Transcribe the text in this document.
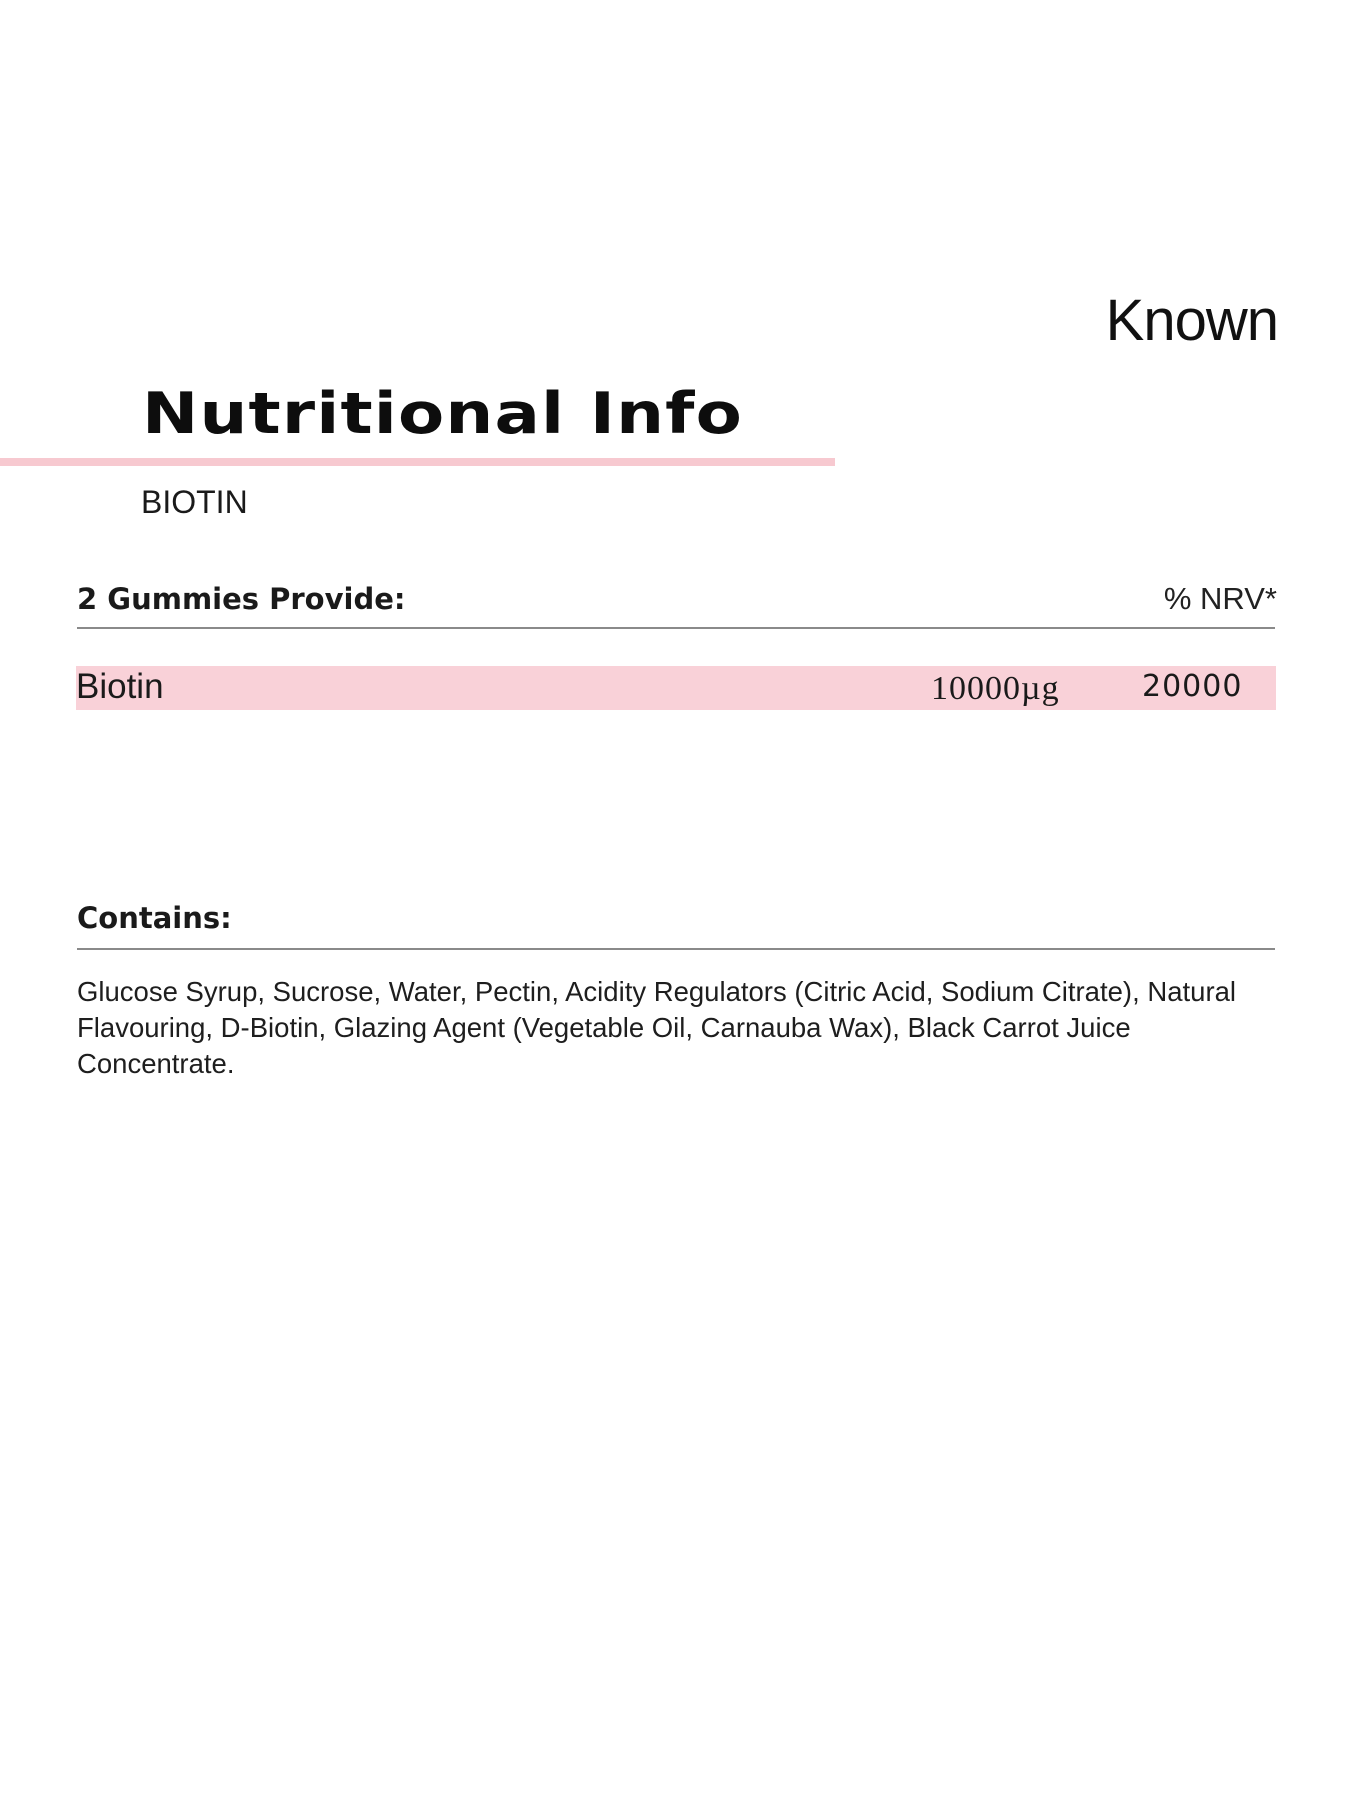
Known
Nutritional Info
BIOTIN
2 Gummies Provide:	% NRV*
Biotin	10000µg	20000
Contains:
Glucose Syrup, Sucrose, Water, Pectin, Acidity Regulators (Citric Acid, Sodium Citrate), Natural Flavouring, D-Biotin, Glazing Agent (Vegetable Oil, Carnauba Wax), Black Carrot Juice Concentrate.
